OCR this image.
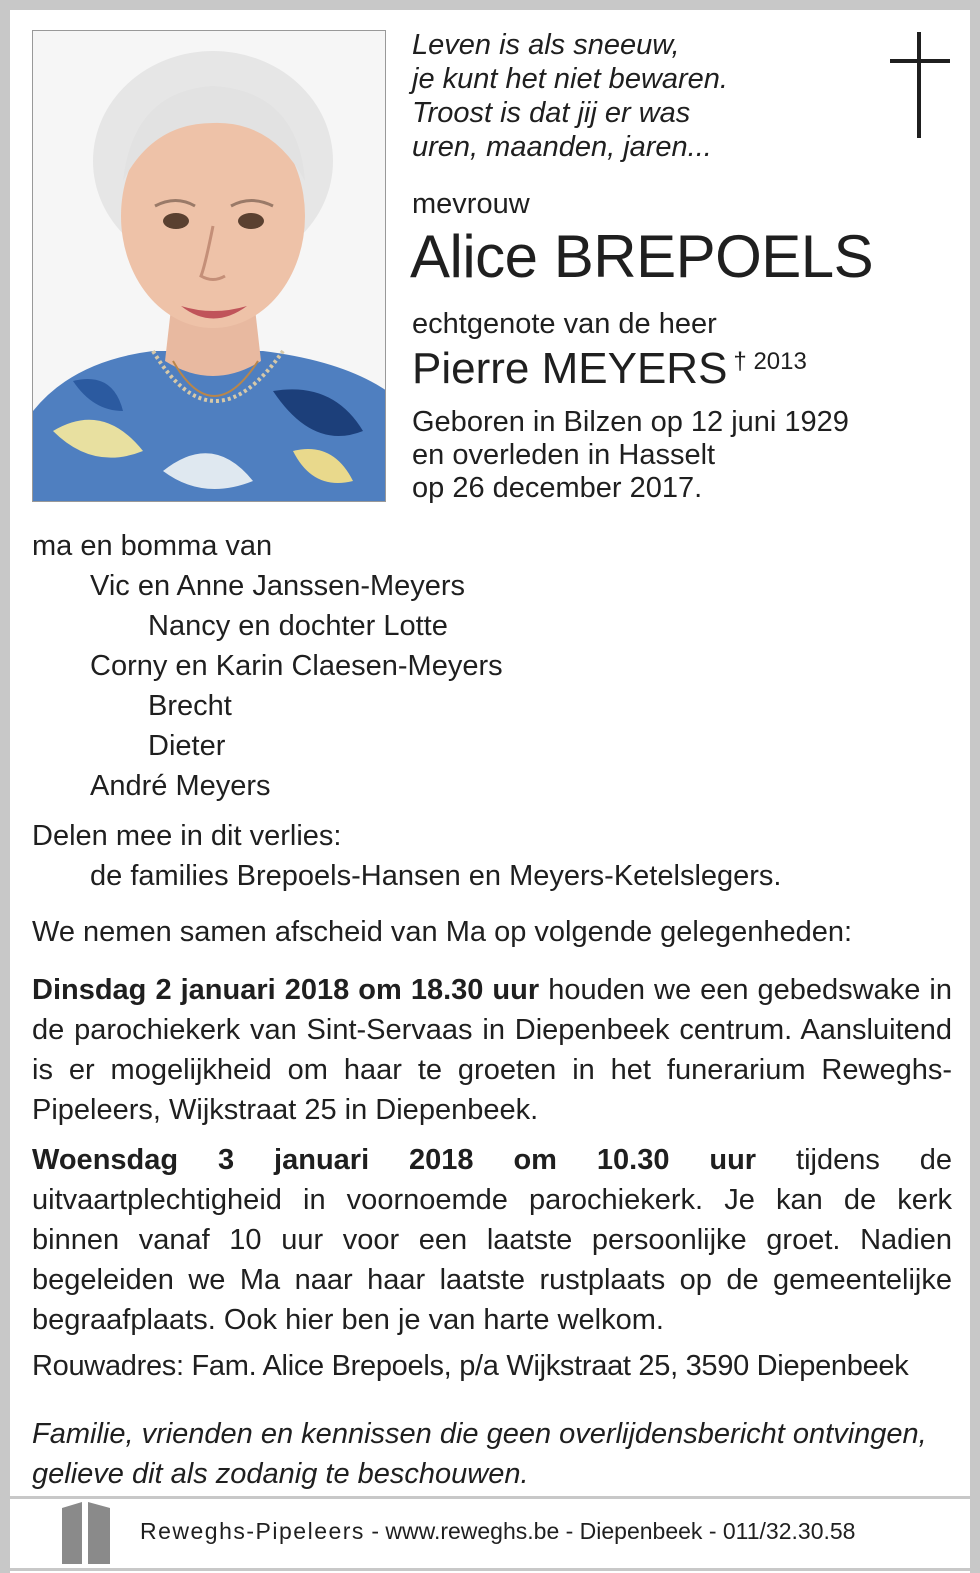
Leven is als sneeuw,
je kunt het niet bewaren.
Troost is dat jij er was
uren, maanden, jaren...
mevrouw
Alice BREPOELS
echtgenote van de heer
Pierre MEYERS $^{\dagger 2013}$
Geboren in Bilzen op 12 juni 1929
en overleden in Hasselt
op 26 december 2017.
ma en bomma van
Vic en Anne Janssen-Meyers
Nancy en dochter Lotte
Corny en Karin Claesen-Meyers
Brecht
Dieter
André Meyers
Delen mee in dit verlies:
de families Brepoels-Hansen en Meyers-Ketelslegers.
We nemen samen afscheid van Ma op volgende gelegenheden:
Dinsdag 2 januari 2018 om 18.30 uur houden we een gebedswake in de parochiekerk van Sint-Servaas in Diepenbeek centrum. Aansluitend is er mogelijkheid om haar te groeten in het funerarium Reweghs-Pipeleers, Wijkstraat 25 in Diepenbeek.
Woensdag 3 januari 2018 om 10.30 uur tijdens de uitvaartplechtigheid in voornoemde parochiekerk. Je kan de kerk binnen vanaf 10 uur voor een laatste persoonlijke groet. Nadien begeleiden we Ma naar haar laatste rustplaats op de gemeentelijke begraafplaats. Ook hier ben je van harte welkom.
Rouwadres: Fam. Alice Brepoels, p/a Wijkstraat 25, 3590 Diepenbeek
Familie, vrienden en kennissen die geen overlijdensbericht ontvingen,
gelieve dit als zodanig te beschouwen.
Reweghs-Pipeleers - www.reweghs.be - Diepenbeek - 011/32.30.58
